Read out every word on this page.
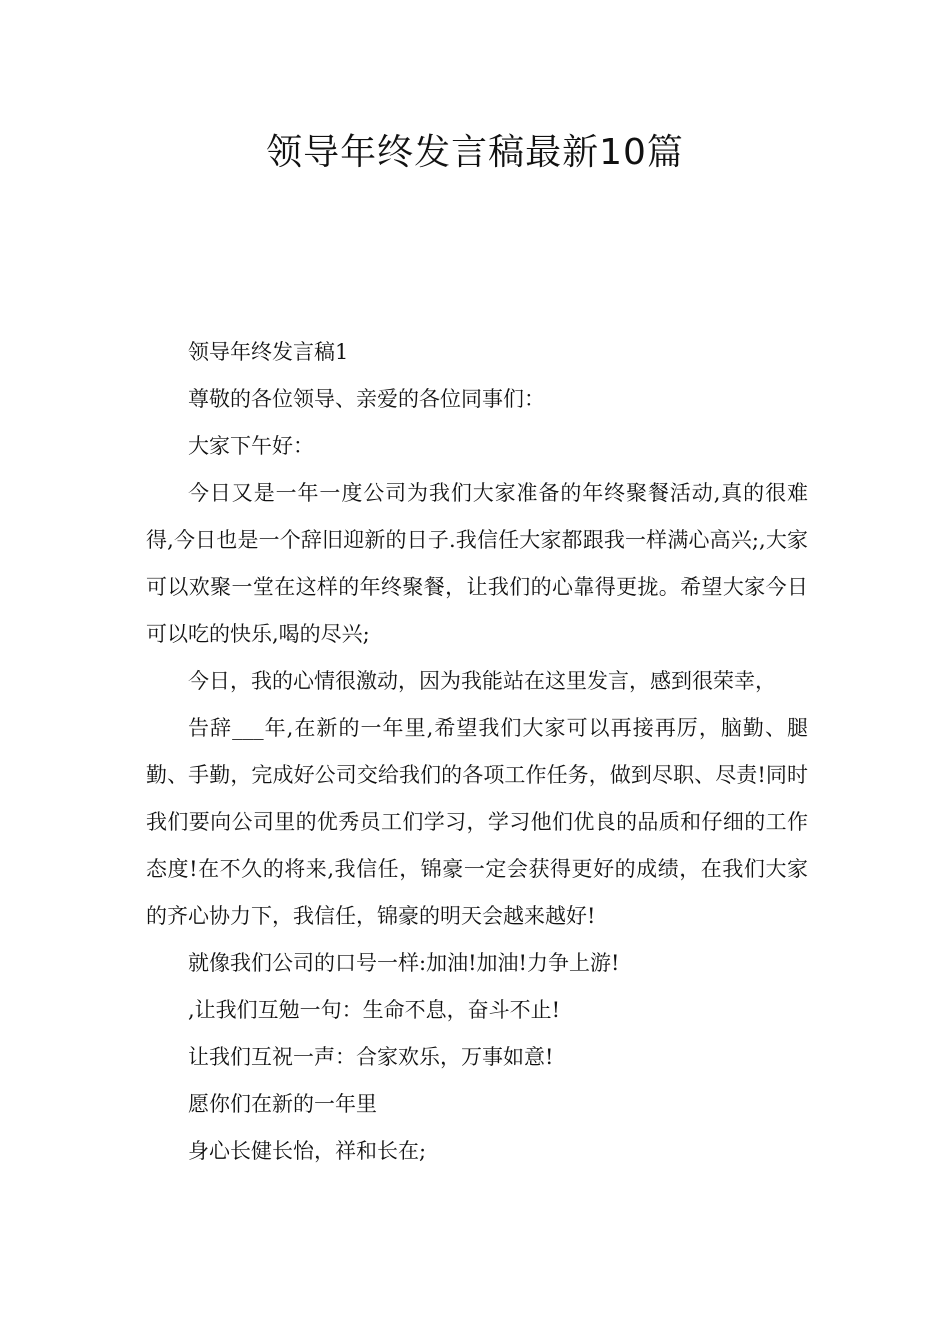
领导年终发言稿最新10篇

领导年终发言稿1

尊敬的各位领导、亲爱的各位同事们：

大家下午好：

今日又是一年一度公司为我们大家准备的年终聚餐活动,真的很难得,今日也是一个辞旧迎新的日子.我信任大家都跟我一样满心高兴;,大家可以欢聚一堂在这样的年终聚餐，让我们的心靠得更拢。希望大家今日可以吃的快乐,喝的尽兴;

今日，我的心情很激动，因为我能站在这里发言，感到很荣幸，

告辞___年,在新的一年里,希望我们大家可以再接再厉，脑勤、腿勤、手勤，完成好公司交给我们的各项工作任务，做到尽职、尽责!同时我们要向公司里的优秀员工们学习，学习他们优良的品质和仔细的工作态度!在不久的将来,我信任，锦豪一定会获得更好的成绩，在我们大家的齐心协力下，我信任，锦豪的明天会越来越好!

就像我们公司的口号一样:加油!加油!力争上游!

,让我们互勉一句：生命不息，奋斗不止!

让我们互祝一声：合家欢乐，万事如意!

愿你们在新的一年里

身心长健长怡，祥和长在;
